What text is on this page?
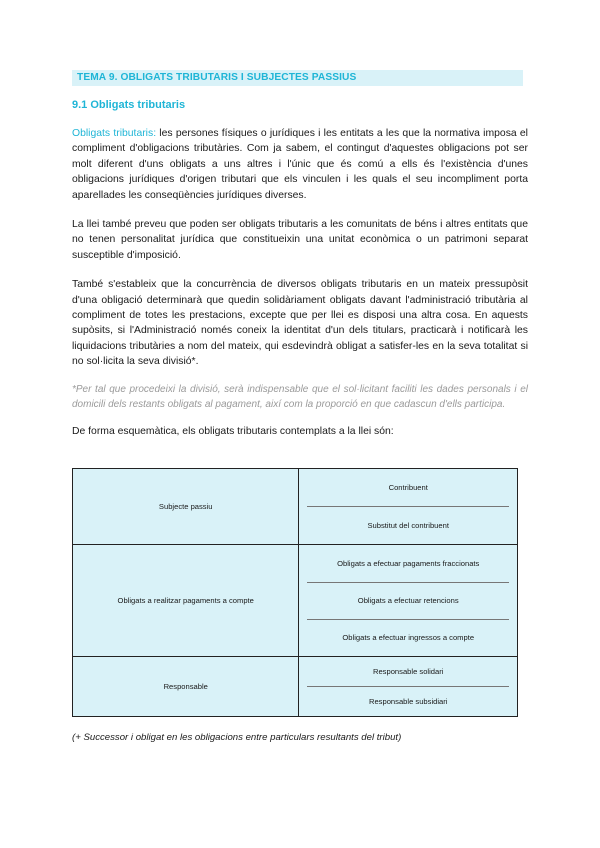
TEMA 9. OBLIGATS TRIBUTARIS I SUBJECTES PASSIUS
9.1 Obligats tributaris

Obligats tributaris: les persones físiques o jurídiques i les entitats a les que la normativa imposa el compliment d'obligacions tributàries. Com ja sabem, el contingut d'aquestes obligacions pot ser molt diferent d'uns obligats a uns altres i l'únic que és comú a ells és l'existència d'unes obligacions jurídiques d'origen tributari que els vinculen i les quals el seu incompliment porta aparellades les conseqüències jurídiques diverses.

La llei també preveu que poden ser obligats tributaris a les comunitats de béns i altres entitats que no tenen personalitat jurídica que constitueixin una unitat econòmica o un patrimoni separat susceptible d'imposició.

També s'estableix que la concurrència de diversos obligats tributaris en un mateix pressupòsit d'una obligació determinarà que quedin solidàriament obligats davant l'administració tributària al compliment de totes les prestacions, excepte que per llei es disposi una altra cosa. En aquests supòsits, si l'Administració només coneix la identitat d'un dels titulars, practicarà i notificarà les liquidacions tributàries a nom del mateix, qui esdevindrà obligat a satisfer-les en la seva totalitat si no sol·licita la seva divisió*.

*Per tal que procedeixi la divisió, serà indispensable que el sol·licitant faciliti les dades personals i el domicili dels restants obligats al pagament, així com la proporció en que cadascun d'ells participa.

De forma esquemàtica, els obligats tributaris contemplats a la llei són:

Subjecte passiu	Contribuent
Substitut del contribuent

Obligats a realitzar pagaments a compte	Obligats a efectuar pagaments fraccionats
Obligats a efectuar retencions
Obligats a efectuar ingressos a compte

Responsable	Responsable solidari
Responsable subsidiari
(+ Successor i obligat en les obligacions entre particulars resultants del tribut)
